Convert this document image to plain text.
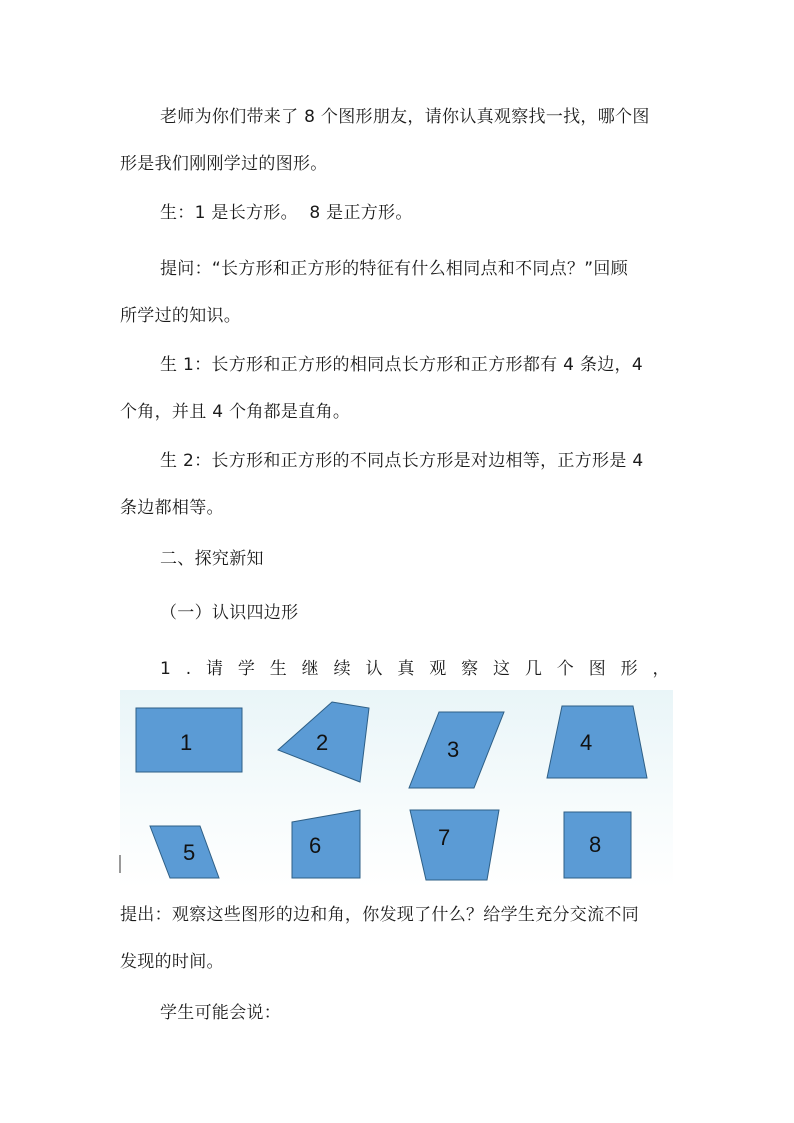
老师为你们带来了 8 个图形朋友，请你认真观察找一找，哪个图
形是我们刚刚学过的图形。

生：1 是长方形。  8 是正方形。

提问：“长方形和正方形的特征有什么相同点和不同点？”回顾
所学过的知识。

生 1：长方形和正方形的相同点长方形和正方形都有 4 条边，4
个角，并且 4 个角都是直角。

生 2：长方形和正方形的不同点长方形是对边相等，正方形是 4
条边都相等。

二、探究新知

（一）认识四边形

1 . 请 学 生 继 续 认 真 观 察 这 几 个 图 形 ，

1	2	3	4
5	6	7	8

提出：观察这些图形的边和角，你发现了什么？给学生充分交流不同
发现的时间。

学生可能会说：
